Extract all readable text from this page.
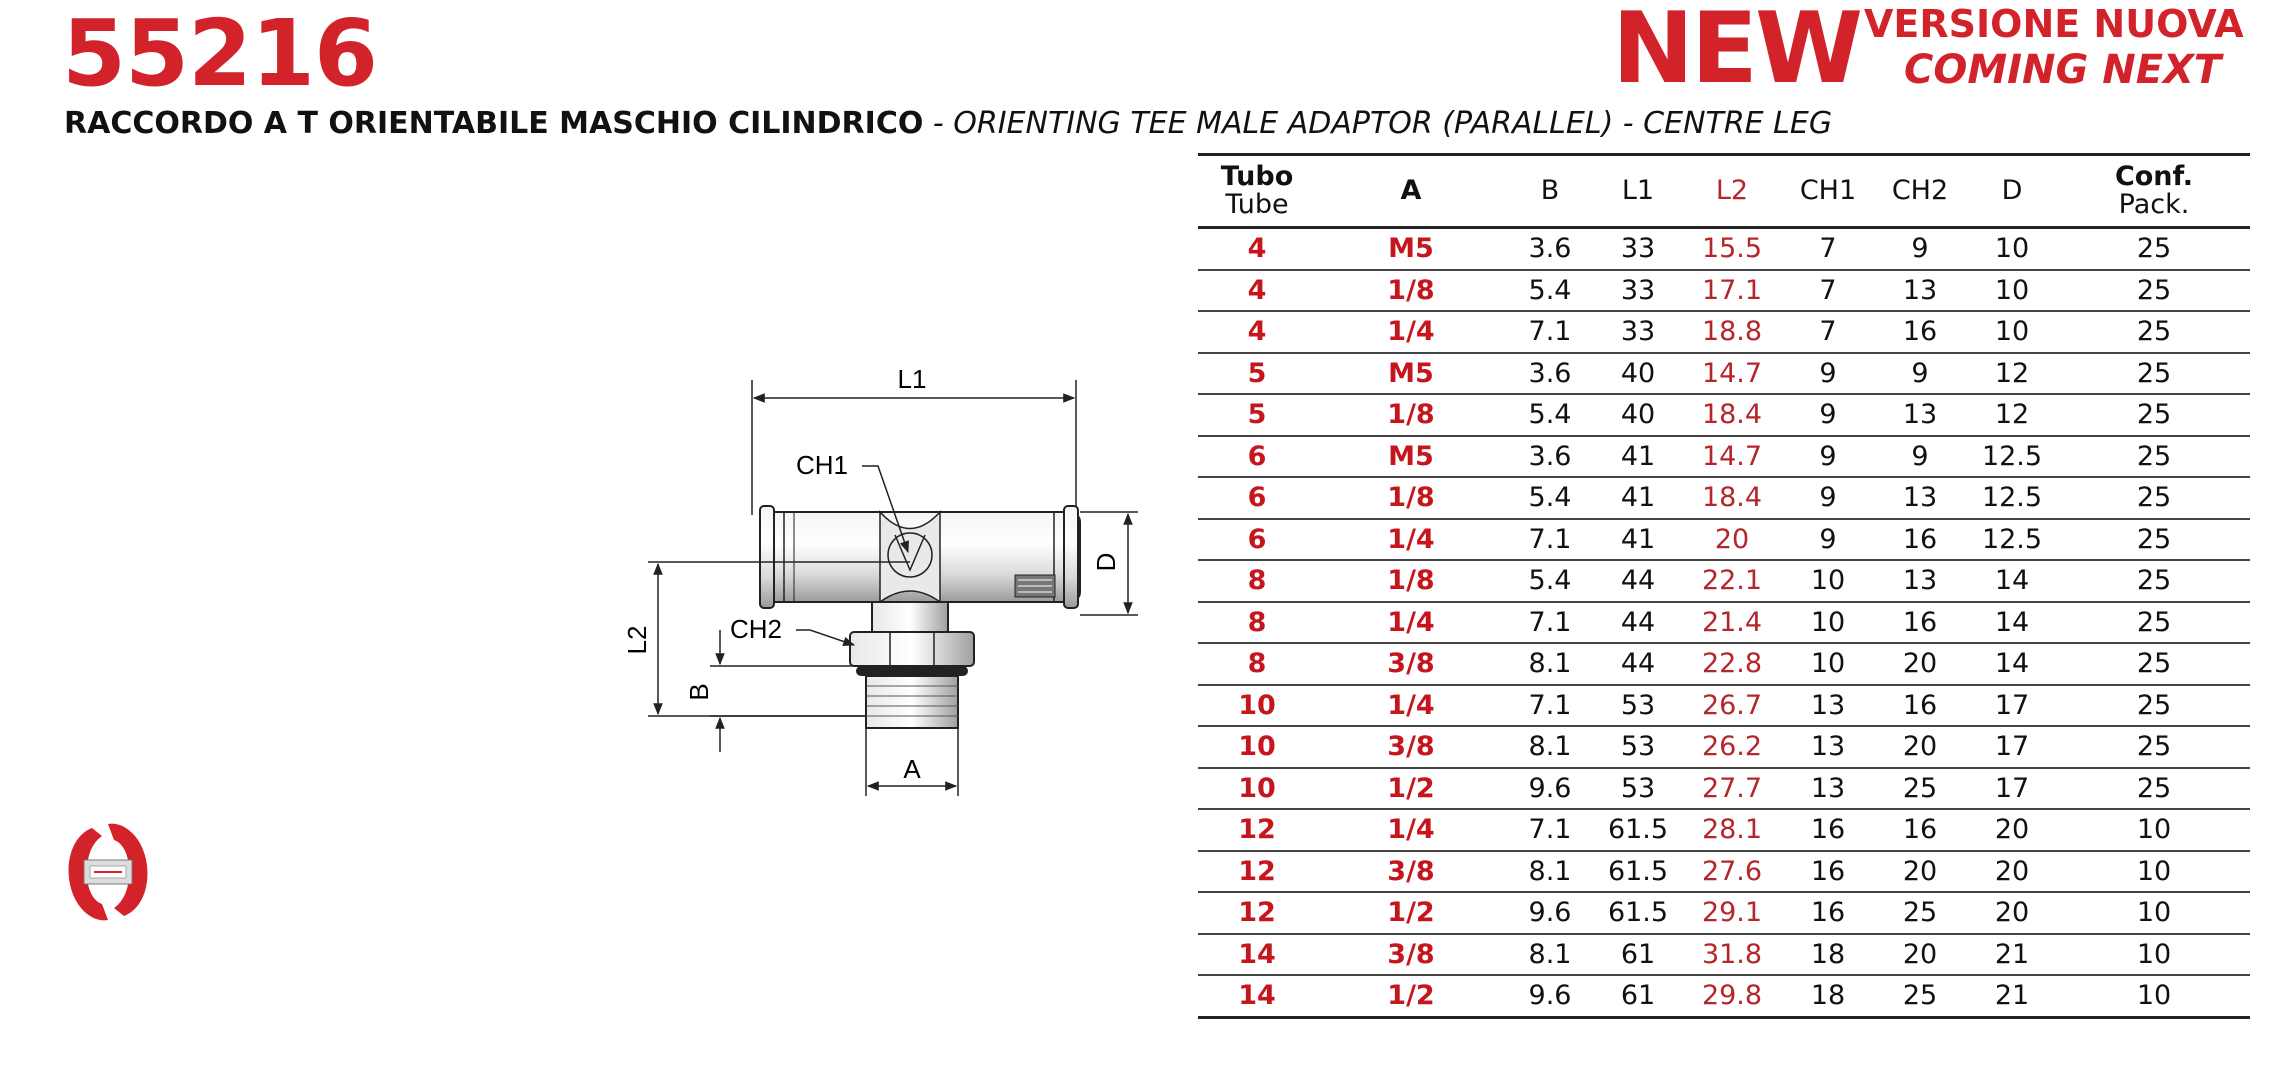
55216	NEW VERSIONE NUOVA
COMING NEXT
RACCORDO A T ORIENTABILE MASCHIO CILINDRICO - ORIENTING TEE MALE ADAPTOR (PARALLEL) - CENTRE LEG
L1
CH1
CH2
D
L2
B
A
Tubo
Tube	A	B	L1	L2	CH1	CH2	D	Conf.
Pack.

4	M5	3.6	33	15.5	7	9	10	25
4	1/8	5.4	33	17.1	7	13	10	25
4	1/4	7.1	33	18.8	7	16	10	25
5	M5	3.6	40	14.7	9	9	12	25
5	1/8	5.4	40	18.4	9	13	12	25
6	M5	3.6	41	14.7	9	9	12.5	25
6	1/8	5.4	41	18.4	9	13	12.5	25
6	1/4	7.1	41	20	9	16	12.5	25
8	1/8	5.4	44	22.1	10	13	14	25
8	1/4	7.1	44	21.4	10	16	14	25
8	3/8	8.1	44	22.8	10	20	14	25
10	1/4	7.1	53	26.7	13	16	17	25
10	3/8	8.1	53	26.2	13	20	17	25
10	1/2	9.6	53	27.7	13	25	17	25
12	1/4	7.1	61.5	28.1	16	16	20	10
12	3/8	8.1	61.5	27.6	16	20	20	10
12	1/2	9.6	61.5	29.1	16	25	20	10
14	3/8	8.1	61	31.8	18	20	21	10
14	1/2	9.6	61	29.8	18	25	21	10
